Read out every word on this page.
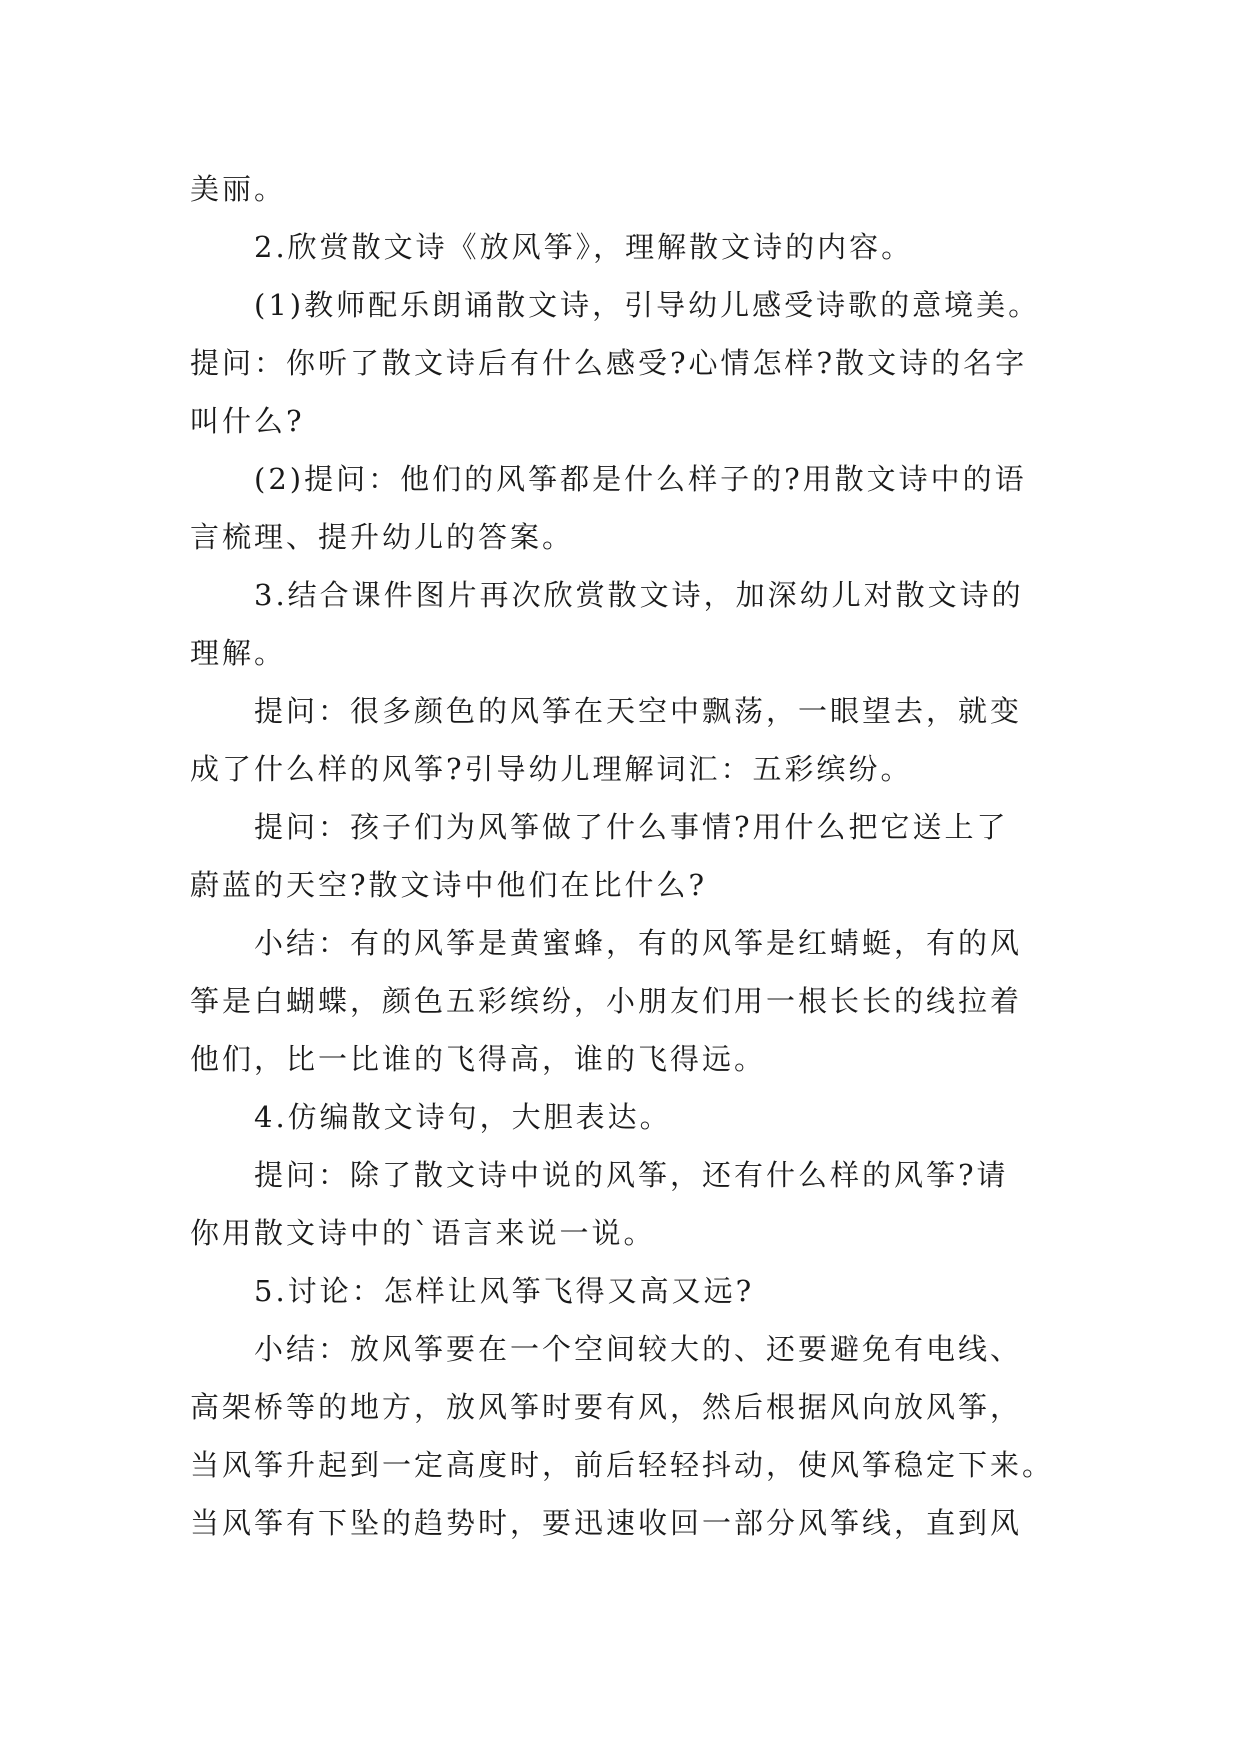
美丽。
2.欣赏散文诗《放风筝》，理解散文诗的内容。
(1)教师配乐朗诵散文诗，引导幼儿感受诗歌的意境美。
提问：你听了散文诗后有什么感受?心情怎样?散文诗的名字
叫什么?
(2)提问：他们的风筝都是什么样子的?用散文诗中的语
言梳理、提升幼儿的答案。
3.结合课件图片再次欣赏散文诗，加深幼儿对散文诗的
理解。
提问：很多颜色的风筝在天空中飘荡，一眼望去，就变
成了什么样的风筝?引导幼儿理解词汇：五彩缤纷。
提问：孩子们为风筝做了什么事情?用什么把它送上了
蔚蓝的天空?散文诗中他们在比什么?
小结：有的风筝是黄蜜蜂，有的风筝是红蜻蜓，有的风
筝是白蝴蝶，颜色五彩缤纷，小朋友们用一根长长的线拉着
他们，比一比谁的飞得高，谁的飞得远。
4.仿编散文诗句，大胆表达。
提问：除了散文诗中说的风筝，还有什么样的风筝?请
你用散文诗中的`语言来说一说。
5.讨论：怎样让风筝飞得又高又远?
小结：放风筝要在一个空间较大的、还要避免有电线、
高架桥等的地方，放风筝时要有风，然后根据风向放风筝，
当风筝升起到一定高度时，前后轻轻抖动，使风筝稳定下来。
当风筝有下坠的趋势时，要迅速收回一部分风筝线，直到风
